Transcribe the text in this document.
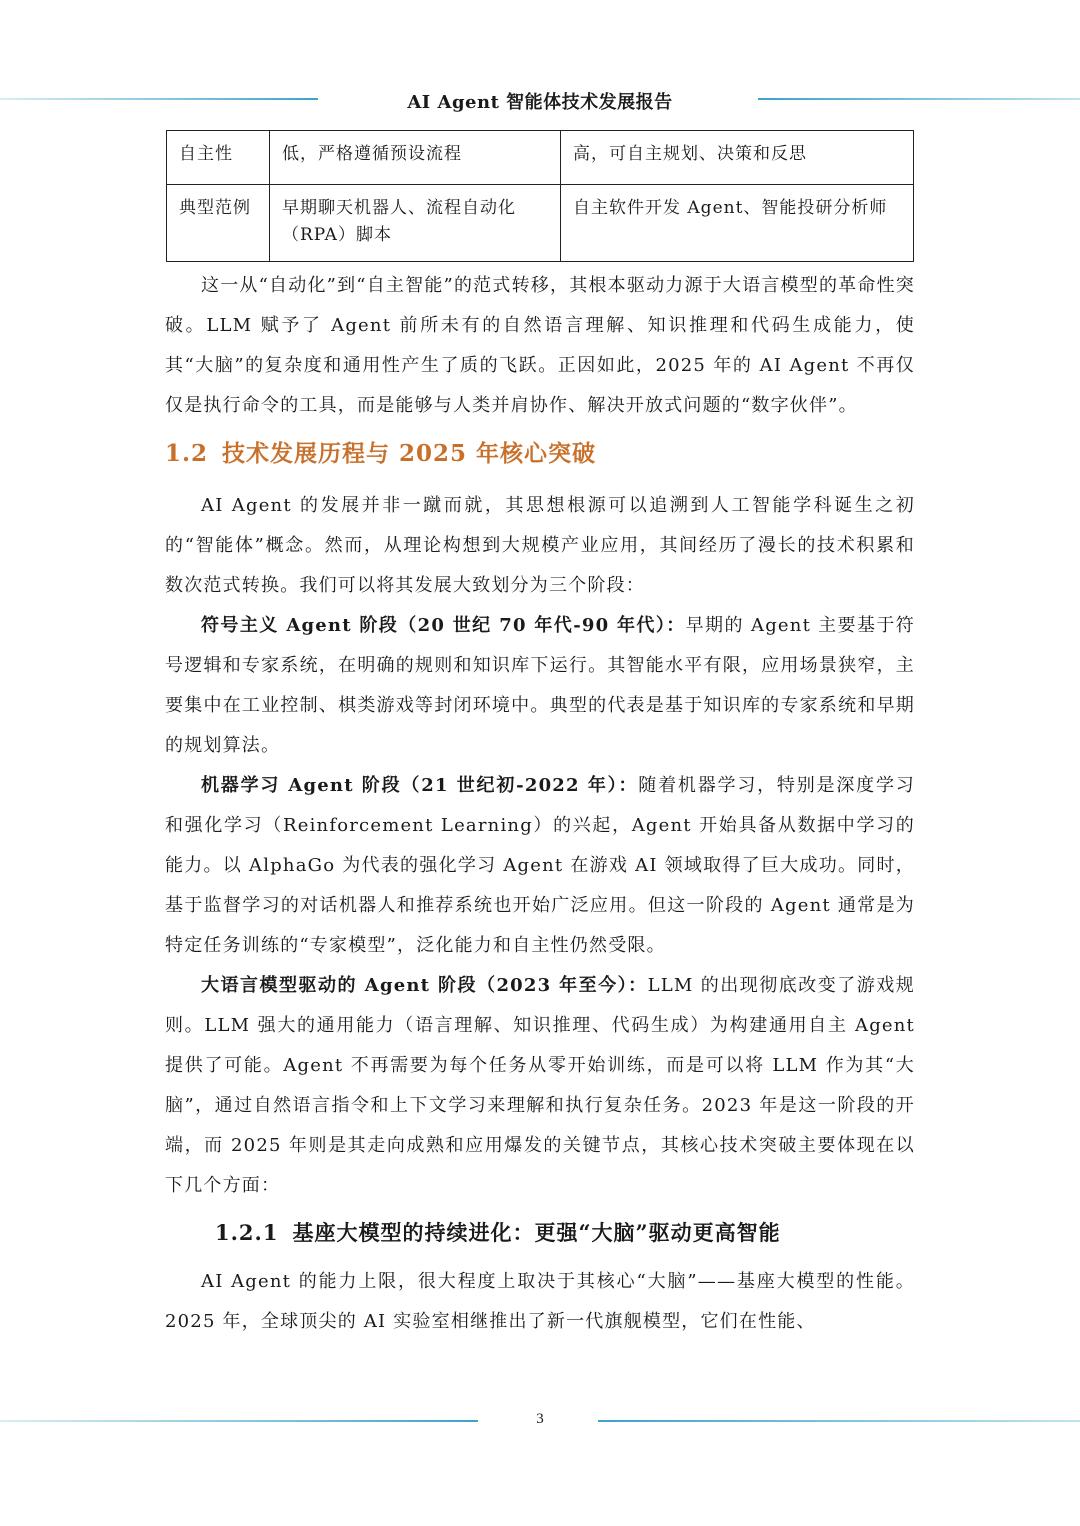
AI Agent 智能体技术发展报告
自主性	低，严格遵循预设流程	高，可自主规划、决策和反思
典型范例	早期聊天机器人、流程自动化（RPA）脚本	自主软件开发 Agent、智能投研分析师

这一从“自动化”到“自主智能”的范式转移，其根本驱动力源于大语言模型的革命性突破。LLM 赋予了 Agent 前所未有的自然语言理解、知识推理和代码生成能力，使其“大脑”的复杂度和通用性产生了质的飞跃。正因如此，2025 年的 AI Agent 不再仅仅是执行命令的工具，而是能够与人类并肩协作、解决开放式问题的“数字伙伴”。

1.2 技术发展历程与 2025 年核心突破

AI Agent 的发展并非一蹴而就，其思想根源可以追溯到人工智能学科诞生之初的“智能体”概念。然而，从理论构想到大规模产业应用，其间经历了漫长的技术积累和数次范式转换。我们可以将其发展大致划分为三个阶段：

符号主义 Agent 阶段（20 世纪 70 年代-90 年代）：早期的 Agent 主要基于符号逻辑和专家系统，在明确的规则和知识库下运行。其智能水平有限，应用场景狭窄，主要集中在工业控制、棋类游戏等封闭环境中。典型的代表是基于知识库的专家系统和早期的规划算法。

机器学习 Agent 阶段（21 世纪初-2022 年）：随着机器学习，特别是深度学习和强化学习（Reinforcement Learning）的兴起，Agent 开始具备从数据中学习的能力。以 AlphaGo 为代表的强化学习 Agent 在游戏 AI 领域取得了巨大成功。同时，基于监督学习的对话机器人和推荐系统也开始广泛应用。但这一阶段的 Agent 通常是为特定任务训练的“专家模型”，泛化能力和自主性仍然受限。

大语言模型驱动的 Agent 阶段（2023 年至今）：LLM 的出现彻底改变了游戏规则。LLM 强大的通用能力（语言理解、知识推理、代码生成）为构建通用自主 Agent 提供了可能。Agent 不再需要为每个任务从零开始训练，而是可以将 LLM 作为其“大脑”，通过自然语言指令和上下文学习来理解和执行复杂任务。2023 年是这一阶段的开端，而 2025 年则是其走向成熟和应用爆发的关键节点，其核心技术突破主要体现在以下几个方面：

1.2.1 基座大模型的持续进化：更强“大脑”驱动更高智能

AI Agent 的能力上限，很大程度上取决于其核心“大脑”——基座大模型的性能。2025 年，全球顶尖的 AI 实验室相继推出了新一代旗舰模型，它们在性能、

3
